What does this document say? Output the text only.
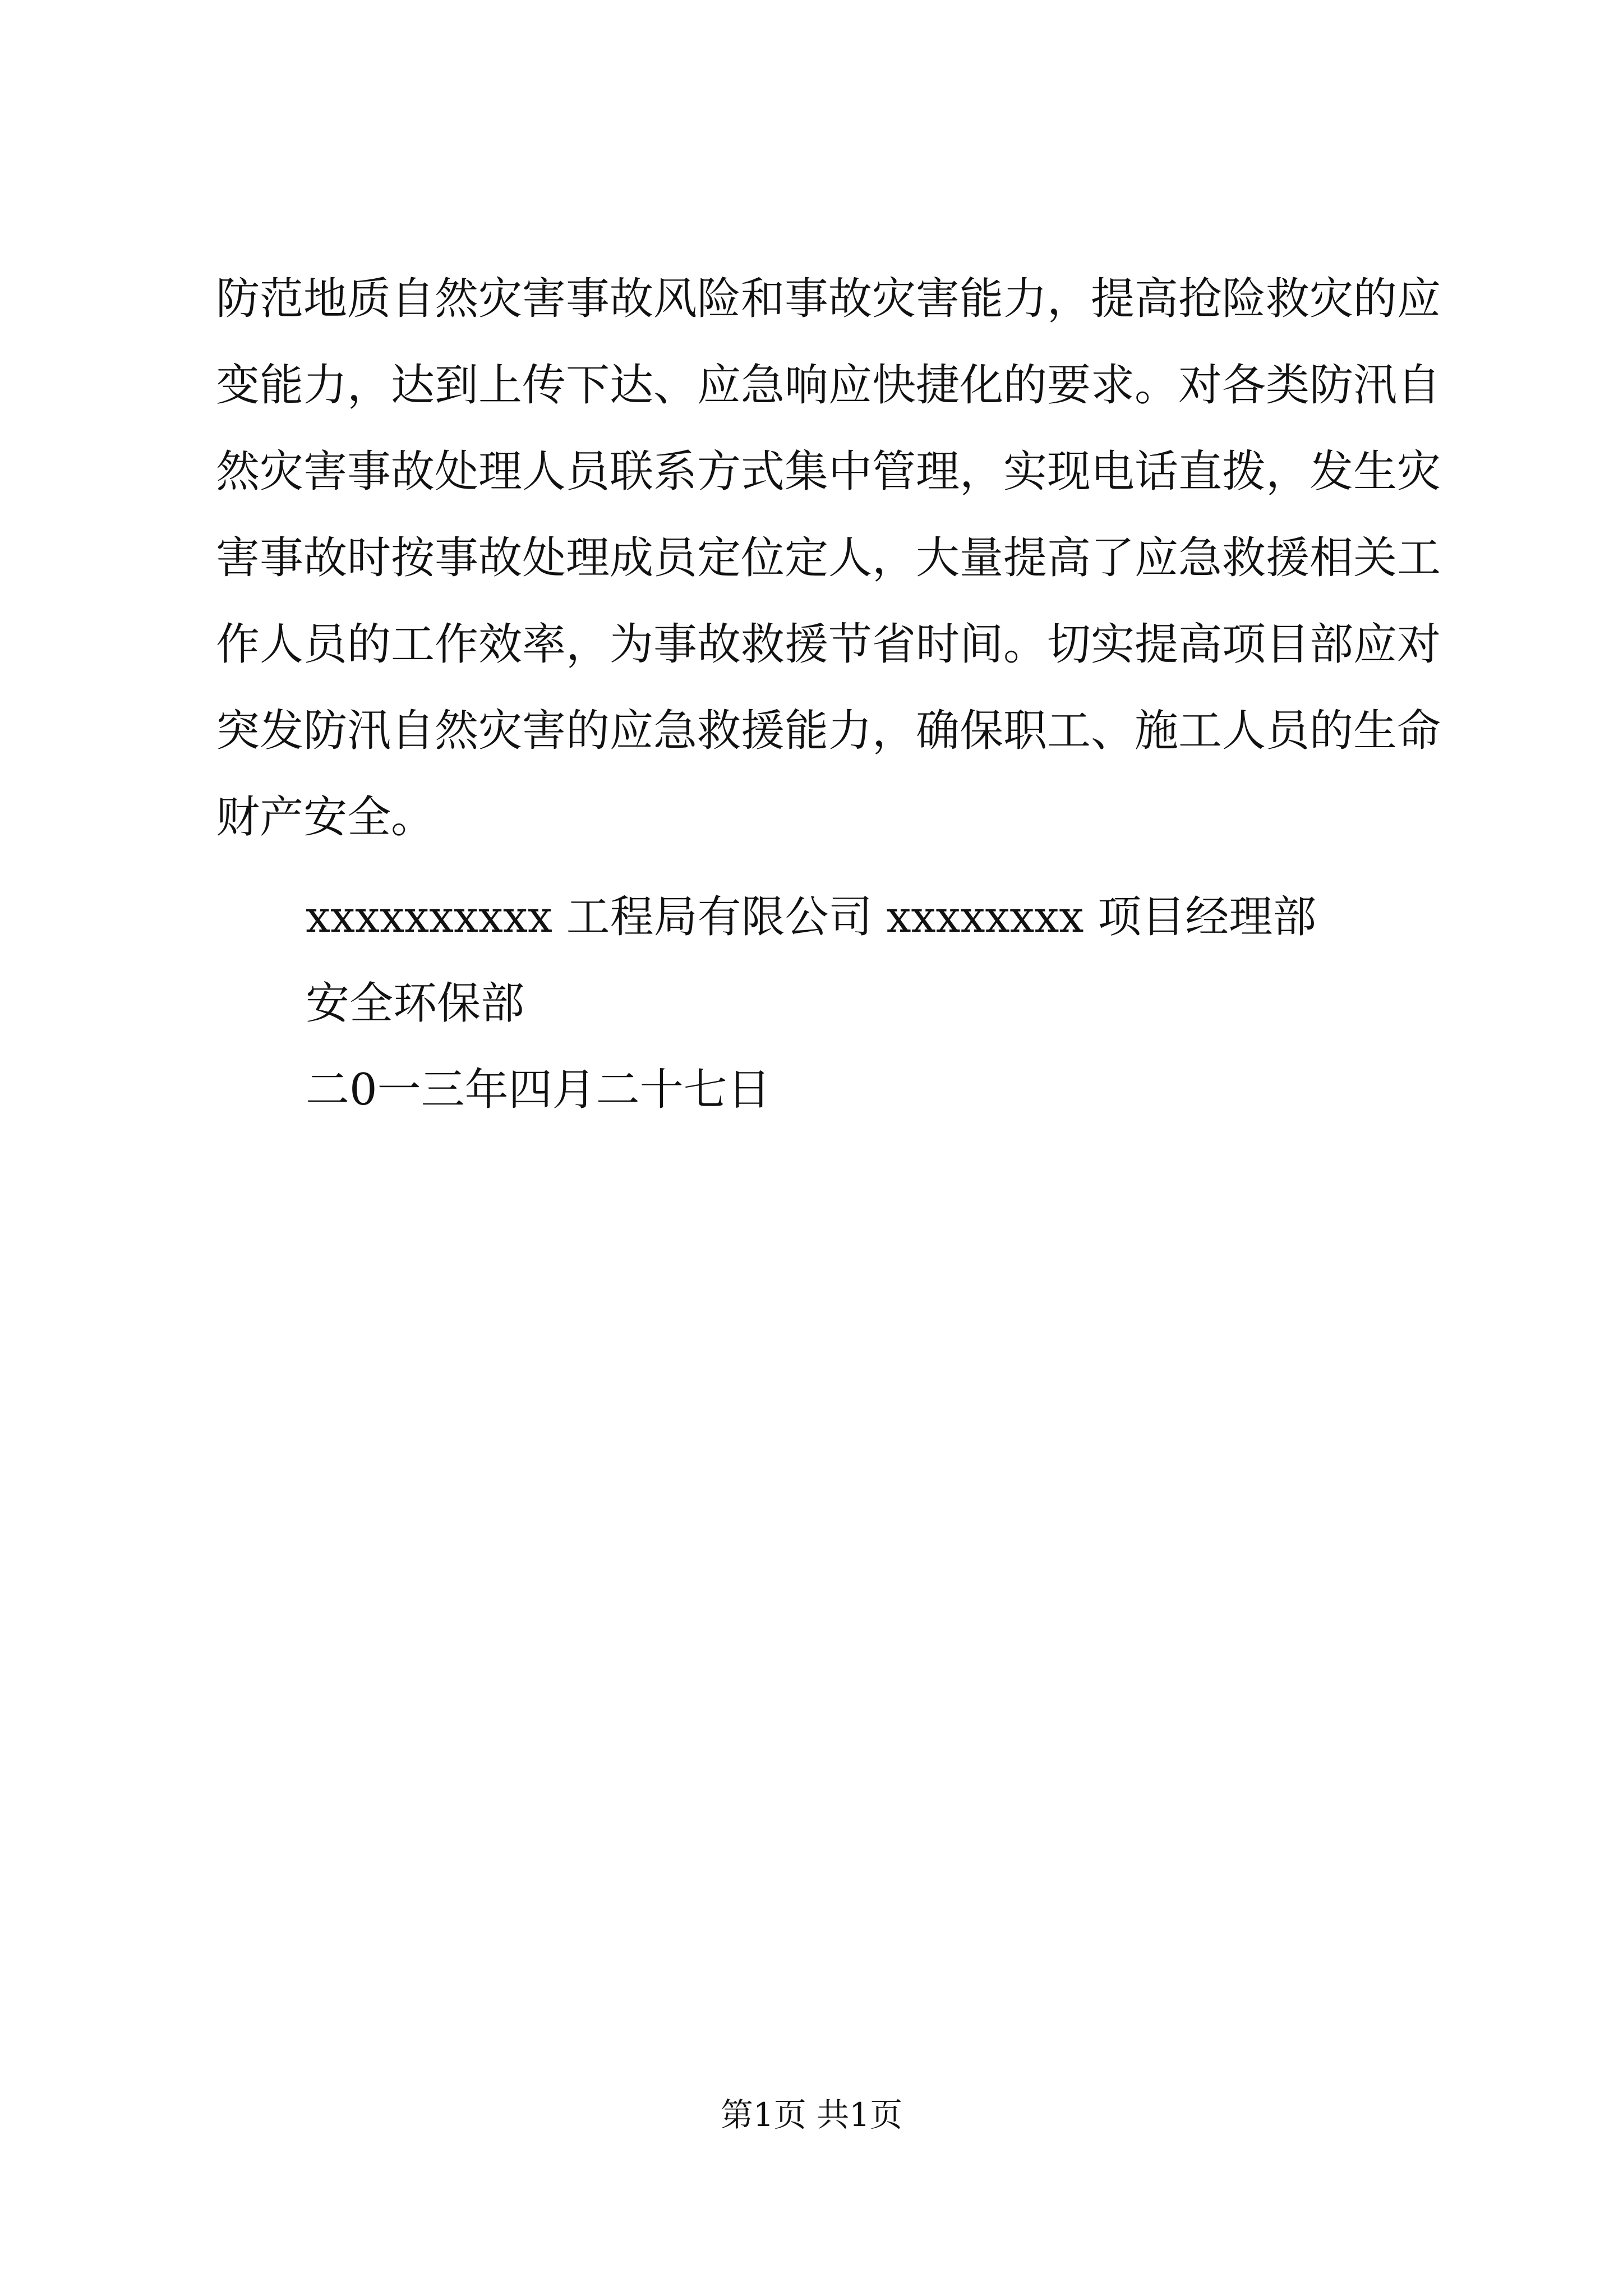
防范地质自然灾害事故风险和事故灾害能力，提高抢险救灾的应
变能力，达到上传下达、应急响应快捷化的要求。对各类防汛自
然灾害事故处理人员联系方式集中管理，实现电话直拨，发生灾
害事故时按事故处理成员定位定人，大量提高了应急救援相关工
作人员的工作效率，为事故救援节省时间。切实提高项目部应对
突发防汛自然灾害的应急救援能力，确保职工、施工人员的生命
财产安全。
xxxxxxxxxx 工程局有限公司 xxxxxxxx 项目经理部
安全环保部
二0一三年四月二十七日
第1页 共1页
